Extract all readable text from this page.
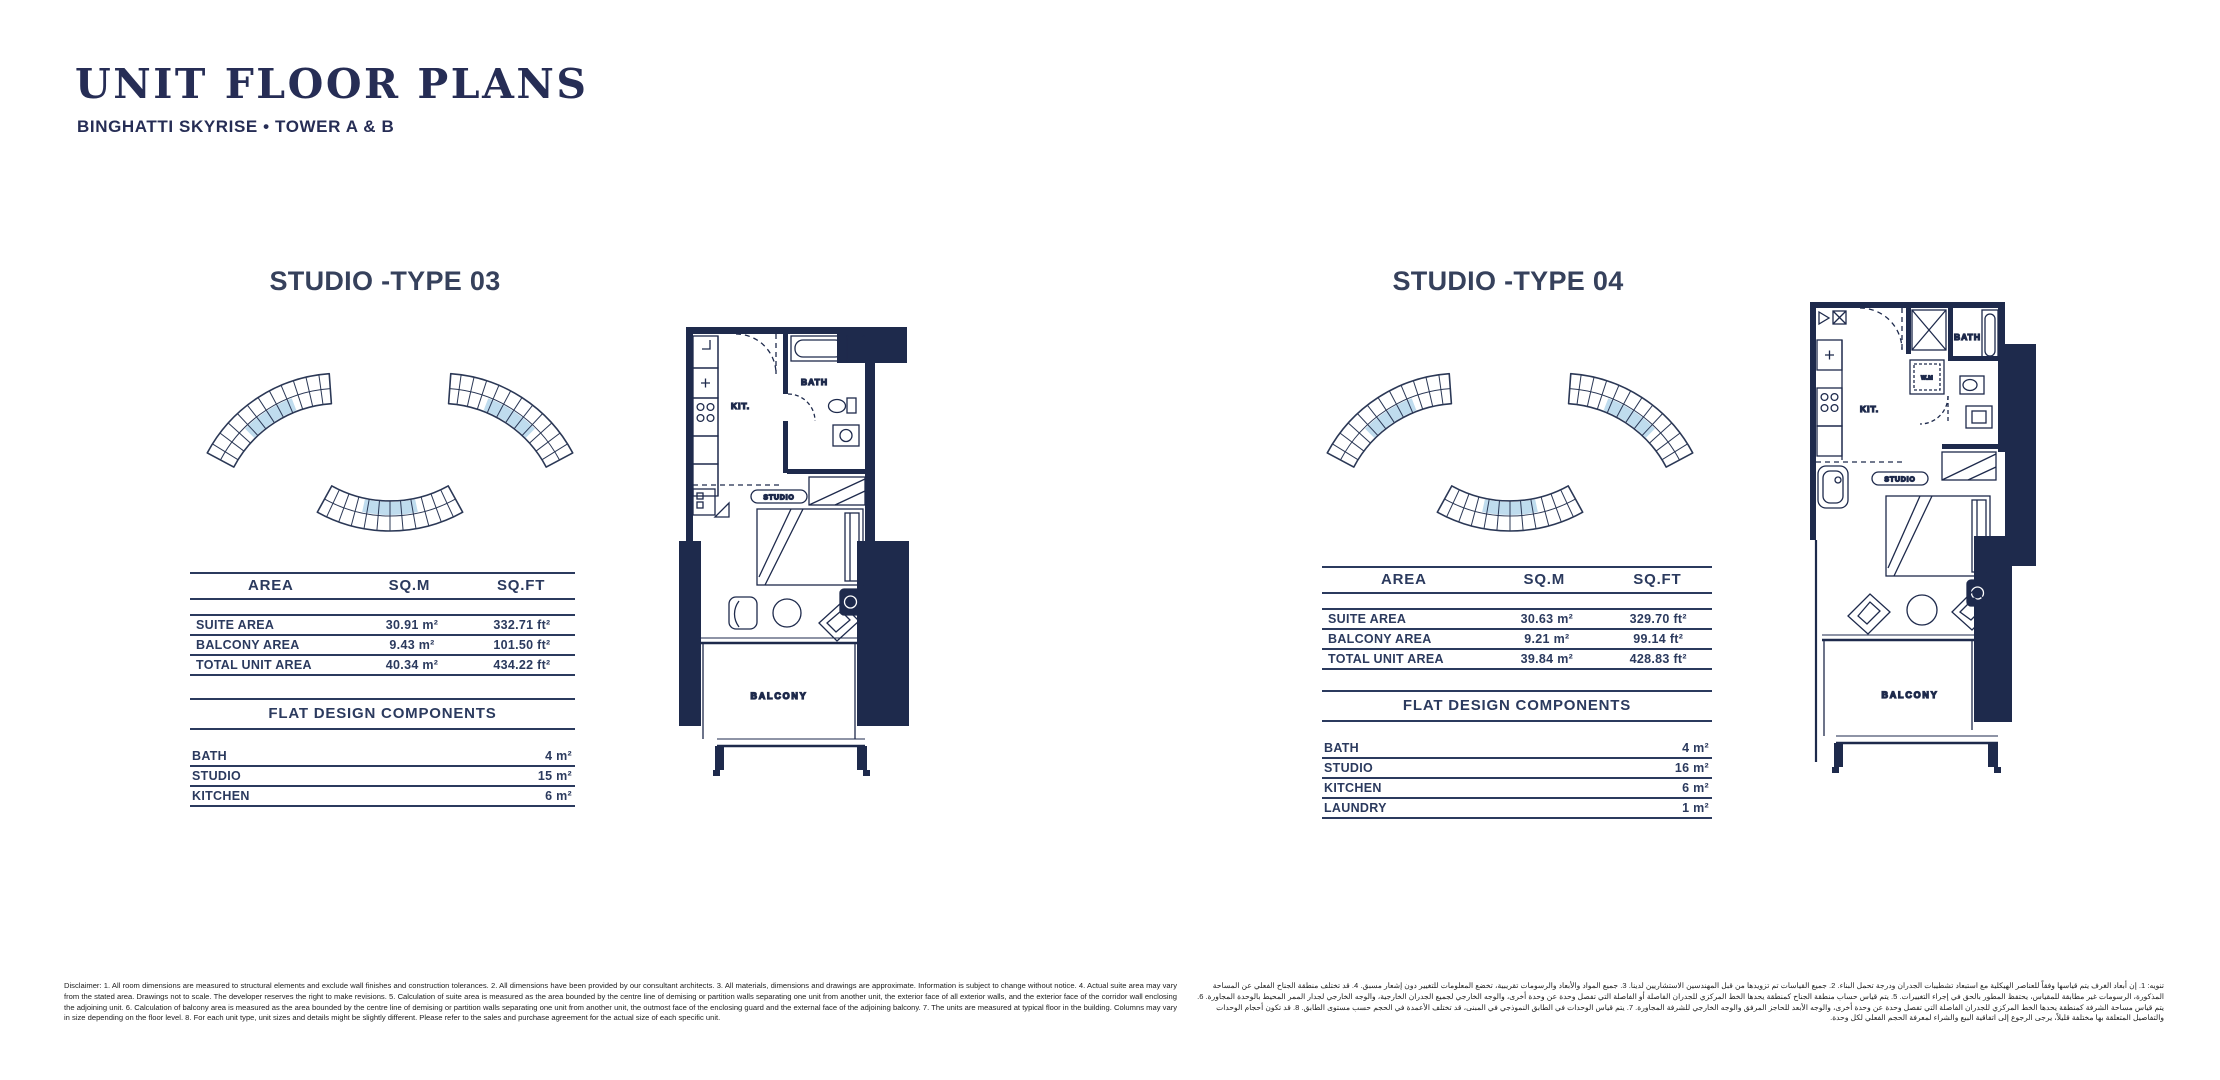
UNIT FLOOR PLANS
BINGHATTI SKYRISE • TOWER A & B
STUDIO -TYPE 03
AREA	SQ.M	SQ.FT
SUITE AREA	30.91 m²	332.71 ft²
BALCONY AREA	9.43 m²	101.50 ft²
TOTAL UNIT AREA	40.34 m²	434.22 ft²
FLAT DESIGN COMPONENTS
BATH	4 m²
STUDIO	15 m²
KITCHEN	6 m²
KIT.
BATH
STUDIO
BALCONY
STUDIO -TYPE 04
AREA	SQ.M	SQ.FT
SUITE AREA	30.63 m²	329.70 ft²
BALCONY AREA	9.21 m²	99.14 ft²
TOTAL UNIT AREA	39.84 m²	428.83 ft²
FLAT DESIGN COMPONENTS
BATH	4 m²
STUDIO	16 m²
KITCHEN	6 m²
LAUNDRY	1 m²
W.M
KIT.
BATH
STUDIO
BALCONY
Disclaimer: 1. All room dimensions are measured to structural elements and exclude wall finishes and construction tolerances. 2. All dimensions have been provided by our consultant architects. 3. All materials, dimensions and drawings are approximate. Information is subject to change without notice. 4. Actual suite area may vary from the stated area. Drawings not to scale. The developer reserves the right to make revisions. 5. Calculation of suite area is measured as the area bounded by the centre line of demising or partition walls separating one unit from another unit, the exterior face of all exterior walls, and the exterior face of the corridor wall enclosing the adjoining unit. 6. Calculation of balcony area is measured as the area bounded by the centre line of demising or partition walls separating one unit from another unit, the outmost face of the enclosing guard and the external face of the adjoining balcony. 7. The units are measured at typical floor in the building. Columns may vary in size depending on the floor level. 8. For each unit type, unit sizes and details might be slightly different. Please refer to the sales and purchase agreement for the actual size of each specific unit.
تنويه: 1. إن أبعاد الغرف يتم قياسها وفقاً للعناصر الهيكلية مع استبعاد تشطيبات الجدران ودرجة تحمل البناء. 2. جميع القياسات تم تزويدها من قبل المهندسين الاستشاريين لدينا. 3. جميع المواد والأبعاد والرسومات تقريبية، تخضع المعلومات للتغيير دون إشعار مسبق. 4. قد تختلف منطقة الجناح الفعلي عن المساحة المذكورة، الرسومات غير مطابقة للمقياس، يحتفظ المطور بالحق في إجراء التغييرات. 5. يتم قياس حساب منطقة الجناح كمنطقة يحدها الخط المركزي للجدران الفاصلة أو الفاصلة التي تفصل وحدة عن وحدة أخرى، والوجه الخارجي لجميع الجدران الخارجية، والوجه الخارجي لجدار الممر المحيط بالوحدة المجاورة. 6. يتم قياس مساحة الشرفة كمنطقة يحدها الخط المركزي للجدران الفاصلة التي تفصل وحدة عن وحدة أخرى، والوجه الأبعد للحاجز المرفق والوجه الخارجي للشرفة المجاورة. 7. يتم قياس الوحدات في الطابق النموذجي في المبنى، قد تختلف الأعمدة في الحجم حسب مستوى الطابق. 8. قد تكون أحجام الوحدات والتفاصيل المتعلقة بها مختلفة قليلاً، يرجى الرجوع إلى اتفاقية البيع والشراء لمعرفة الحجم الفعلي لكل وحدة.
